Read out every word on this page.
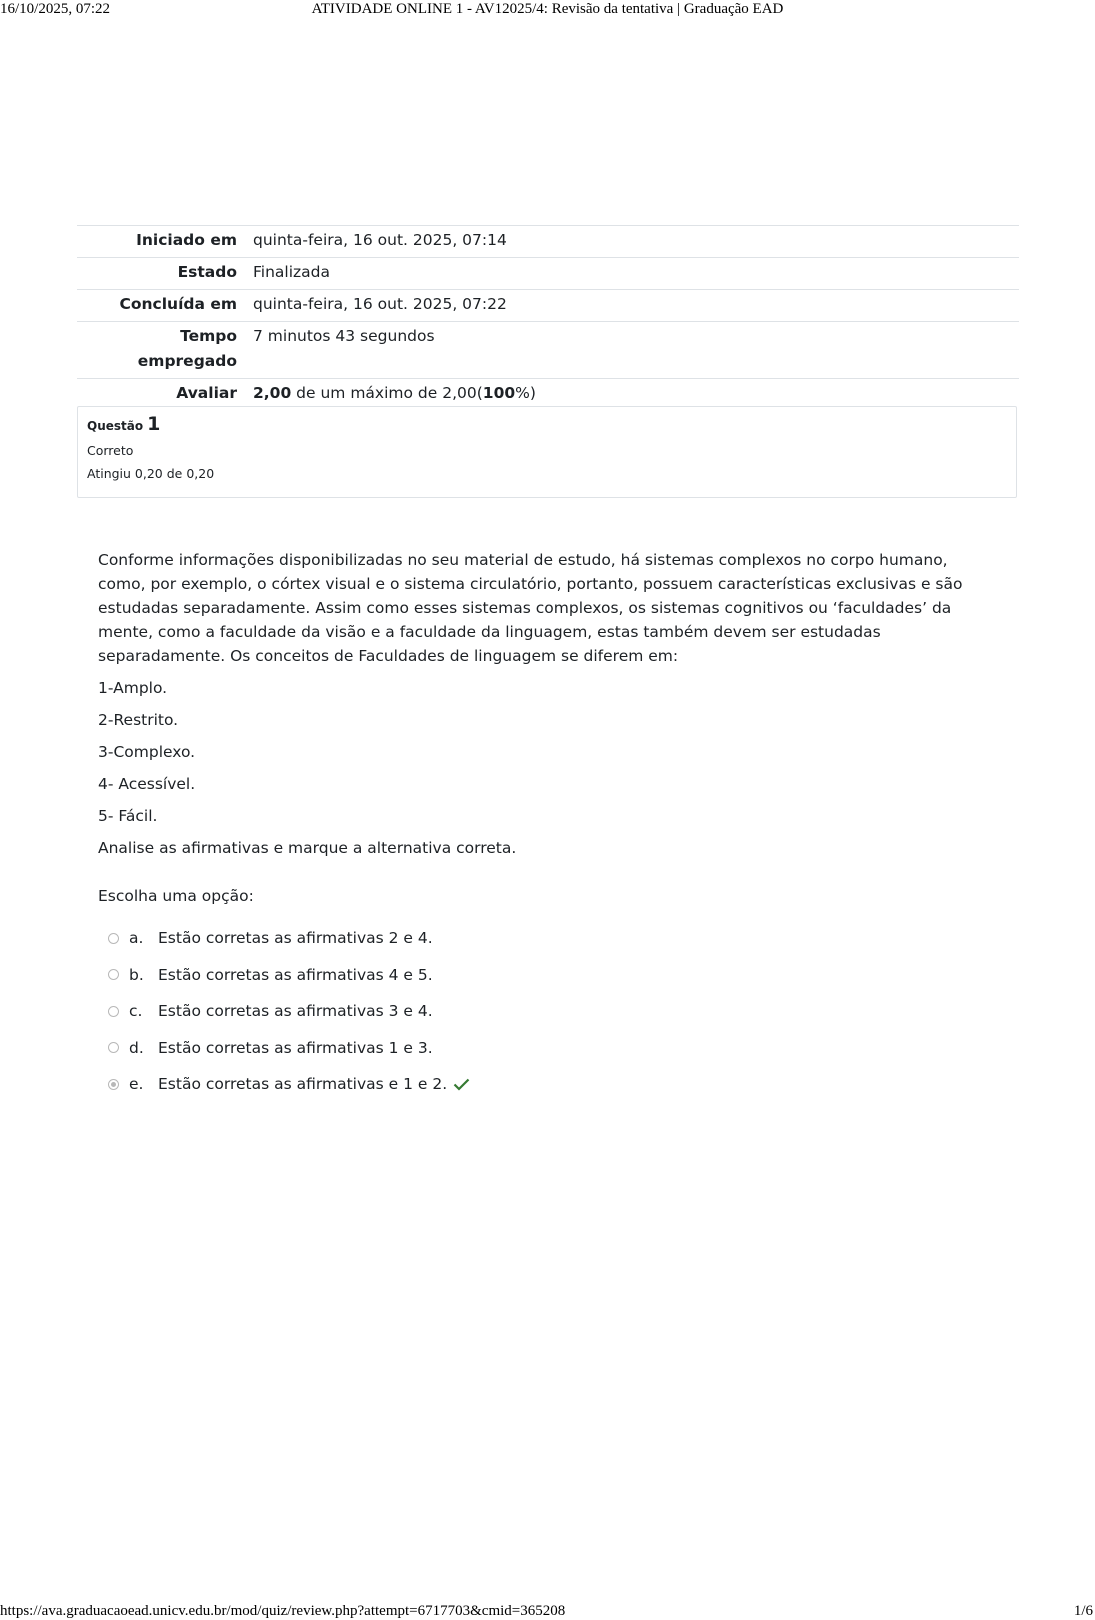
16/10/2025, 07:22	ATIVIDADE ONLINE 1 - AV12025/4: Revisão da tentativa | Graduação EAD
Iniciado em	quinta-feira, 16 out. 2025, 07:14
Estado	Finalizada
Concluída em	quinta-feira, 16 out. 2025, 07:22
Tempo
empregado	7 minutos 43 segundos
Avaliar	2,00 de um máximo de 2,00(100%)
Questão 1
Correto
Atingiu 0,20 de 0,20

Conforme informações disponibilizadas no seu material de estudo, há sistemas complexos no corpo humano, como, por exemplo, o córtex visual e o sistema circulatório, portanto, possuem características exclusivas e são estudadas separadamente. Assim como esses sistemas complexos, os sistemas cognitivos ou ‘faculdades’ da mente, como a faculdade da visão e a faculdade da linguagem, estas também devem ser estudadas separadamente. Os conceitos de Faculdades de linguagem se diferem em:

1-Amplo.

2-Restrito.

3-Complexo.

4- Acessível.

5- Fácil.

Analise as afirmativas e marque a alternativa correta.

Escolha uma opção:
a. Estão corretas as afirmativas 2 e 4.
b. Estão corretas as afirmativas 4 e 5.
c.	Estão corretas as afirmativas 3 e 4.
d. Estão corretas as afirmativas 1 e 3.
e. Estão corretas as afirmativas e 1 e 2.
https://ava.graduacaoead.unicv.edu.br/mod/quiz/review.php?attempt=6717703&cmid=365208	1/6
